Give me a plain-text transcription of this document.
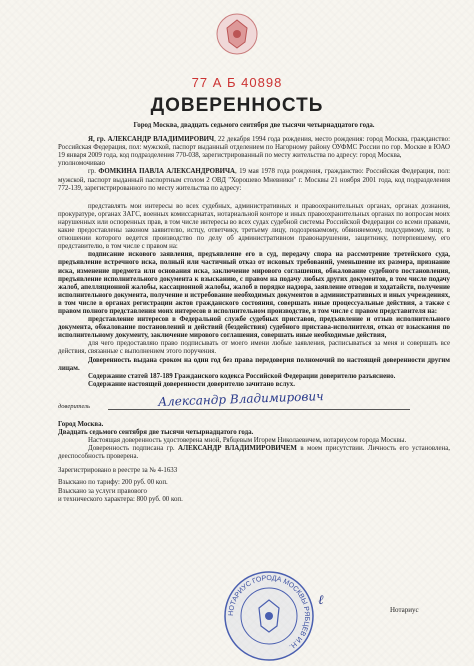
77 А Б 40898
ДОВЕРЕННОСТЬ

Город Москва, двадцать седьмого сентября две тысячи четырнадцатого года.

Я, гр. АЛЕКСАНДР ВЛАДИМИРОВИЧ, 22 декабря 1994 года рождения, место рождения: город Москва, гражданство: Российская Федерация, пол: мужской, паспорт выданный отделением по Нагорному району ОУФМС России по гор. Москве в ЮАО 19 января 2009 года, код подразделения 770-038, зарегистрированный по месту жительства по адресу: город Москва,

уполномочиваю

гр. ФОМКИНА ПАВЛА АЛЕКСАНДРОВИЧА, 19 мая 1978 года рождения, гражданство: Российская Федерация, пол: мужской, паспорт выданный паспортным столом 2 ОВД "Хорошево Мневники" г. Москвы 21 ноября 2001 года, код подразделения 772-139, зарегистрированного по месту жительства по адресу:

представлять мои интересы во всех судебных, административных и правоохранительных органах, органах дознания, прокуратуре, органах ЗАГС, военных комиссариатах, нотариальной конторе и иных правоохранительных органах по вопросам моих нарушенных или оспоренных прав, в том числе интересы во всех судах судебной системы Российской Федерации со всеми правами, какие предоставлены законом заявителю, истцу, ответчику, третьему лицу, подозреваемому, обвиняемому, подсудимому, лицу, в отношении которого ведется производство по делу об административном правонарушении, защитнику, потерпевшему, его представителю, в том числе с правом на:

подписание искового заявления, предъявление его в суд, передачу спора на рассмотрение третейского суда, предъявление встречного иска, полный или частичный отказ от исковых требований, уменьшение их размера, признание иска, изменение предмета или основания иска, заключение мирового соглашения, обжалование судебного постановления, предъявление исполнительного документа к взысканию, с правом на подачу любых других документов, в том числе подачу жалоб, апелляционной жалобы, кассационной жалобы, жалоб в порядке надзора, заявление отводов и ходатайств, получение исполнительного документа, получение и истребование необходимых документов в административных и иных учреждениях, в том числе в органах регистрации актов гражданского состояния, совершать иные процессуальные действия, а также с правом полного представления моих интересов в исполнительном производстве, в том числе с правом представителя на:

представление интересов в Федеральной службе судебных приставов, предъявление и отзыв исполнительного документа, обжалование постановлений и действий (бездействия) судебного пристава-исполнителя, отказ от взыскания по исполнительному документу, заключение мирового соглашения, совершать иные необходимые действия,

для чего предоставляю право подписывать от моего имени любые заявления, расписываться за меня и совершать все действия, связанные с выполнением этого поручения.

Доверенность выдана сроком на один год без права передоверия полномочий по настоящей доверенности другим лицам.

Содержание статей 187-189 Гражданского кодекса Российской Федерации доверителю разъяснено.

Содержание настоящей доверенности доверителю зачитано вслух.

доверитель	Александр Владимирович

Город Москва.

Двадцать седьмого сентября две тысячи четырнадцатого года.

Настоящая доверенность удостоверена мной, Рябцевым Игорем Николаевичем, нотариусом города Москвы.

Доверенность подписана гр. АЛЕКСАНДР ВЛАДИМИРОВИЧЕМ в моем присутствии. Личность его установлена, дееспособность проверена.

Зарегистрировано в реестре за № 4-1633

Взыскано по тарифу: 200 руб. 00 коп.

Взыскано за услуги правового

и технического характера: 800 руб. 00 коп.

НОТАРИУС ГОРОДА МОСКВЫ РЯБЦЕВ И.Н.
ℓ
Нотариус
